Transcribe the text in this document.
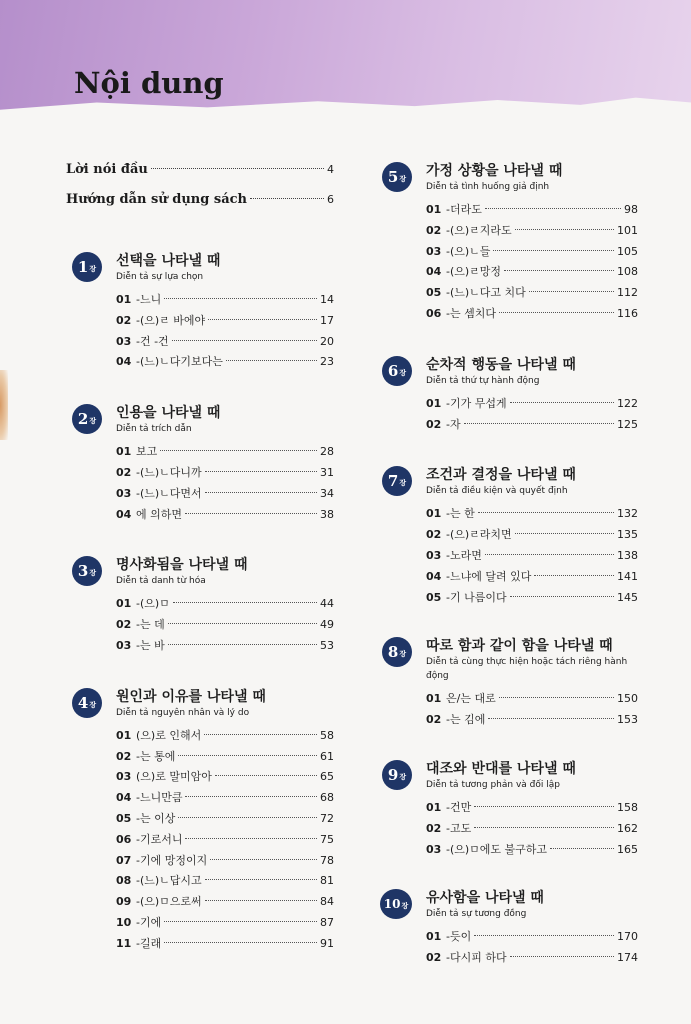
Nội dung
Lời nói đầu	4
Hướng dẫn sử dụng sách	6
1 장 선택을 나타낼 때
Diễn tả sự lựa chọn
01 -느니	14
02 -(으)ㄹ 바에야	17
03 -건 -건	20
04 -(느)ㄴ다기보다는	23
2 장 인용을 나타낼 때
Diễn tả trích dẫn
01 보고	28
02 -(느)ㄴ다니까	31
03 -(느)ㄴ다면서	34
04 에 의하면	38
3 장 명사화됨을 나타낼 때
Diễn tả danh từ hóa
01 -(으)ㅁ	44
02 -는 데	49
03 -는 바	53
4 장 원인과 이유를 나타낼 때
Diễn tả nguyên nhân và lý do
01 (으)로 인해서	58
02 -는 통에	61
03 (으)로 말미암아	65
04 -느니만큼	68
05 -는 이상	72
06 -기로서니	75
07 -기에 망정이지	78
08 -(느)ㄴ답시고	81
09 -(으)ㅁ으로써	84
10 -기에	87
11 -길래	91
5 장 가정 상황을 나타낼 때
Diễn tả tình huống giả định
01 -더라도	98
02 -(으)ㄹ지라도	101
03 -(으)ㄴ들	105
04 -(으)ㄹ망정	108
05 -(느)ㄴ다고 치다	112
06 -는 셈치다	116
6 장 순차적 행동을 나타낼 때
Diễn tả thứ tự hành động
01 -기가 무섭게	122
02 -자	125
7 장 조건과 결정을 나타낼 때
Diễn tả điều kiện và quyết định
01 -는 한	132
02 -(으)ㄹ라치면	135
03 -노라면	138
04 -느냐에 달려 있다	141
05 -기 나름이다	145
8 장 따로 함과 같이 함을 나타낼 때
Diễn tả cùng thực hiện hoặc tách riêng hành động
01 은/는 대로	150
02 -는 김에	153
9 장 대조와 반대를 나타낼 때
Diễn tả tương phản và đối lập
01 -건만	158
02 -고도	162
03 -(으)ㅁ에도 불구하고	165
10 장 유사함을 나타낼 때
Diễn tả sự tương đồng
01 -듯이	170
02 -다시피 하다	174
